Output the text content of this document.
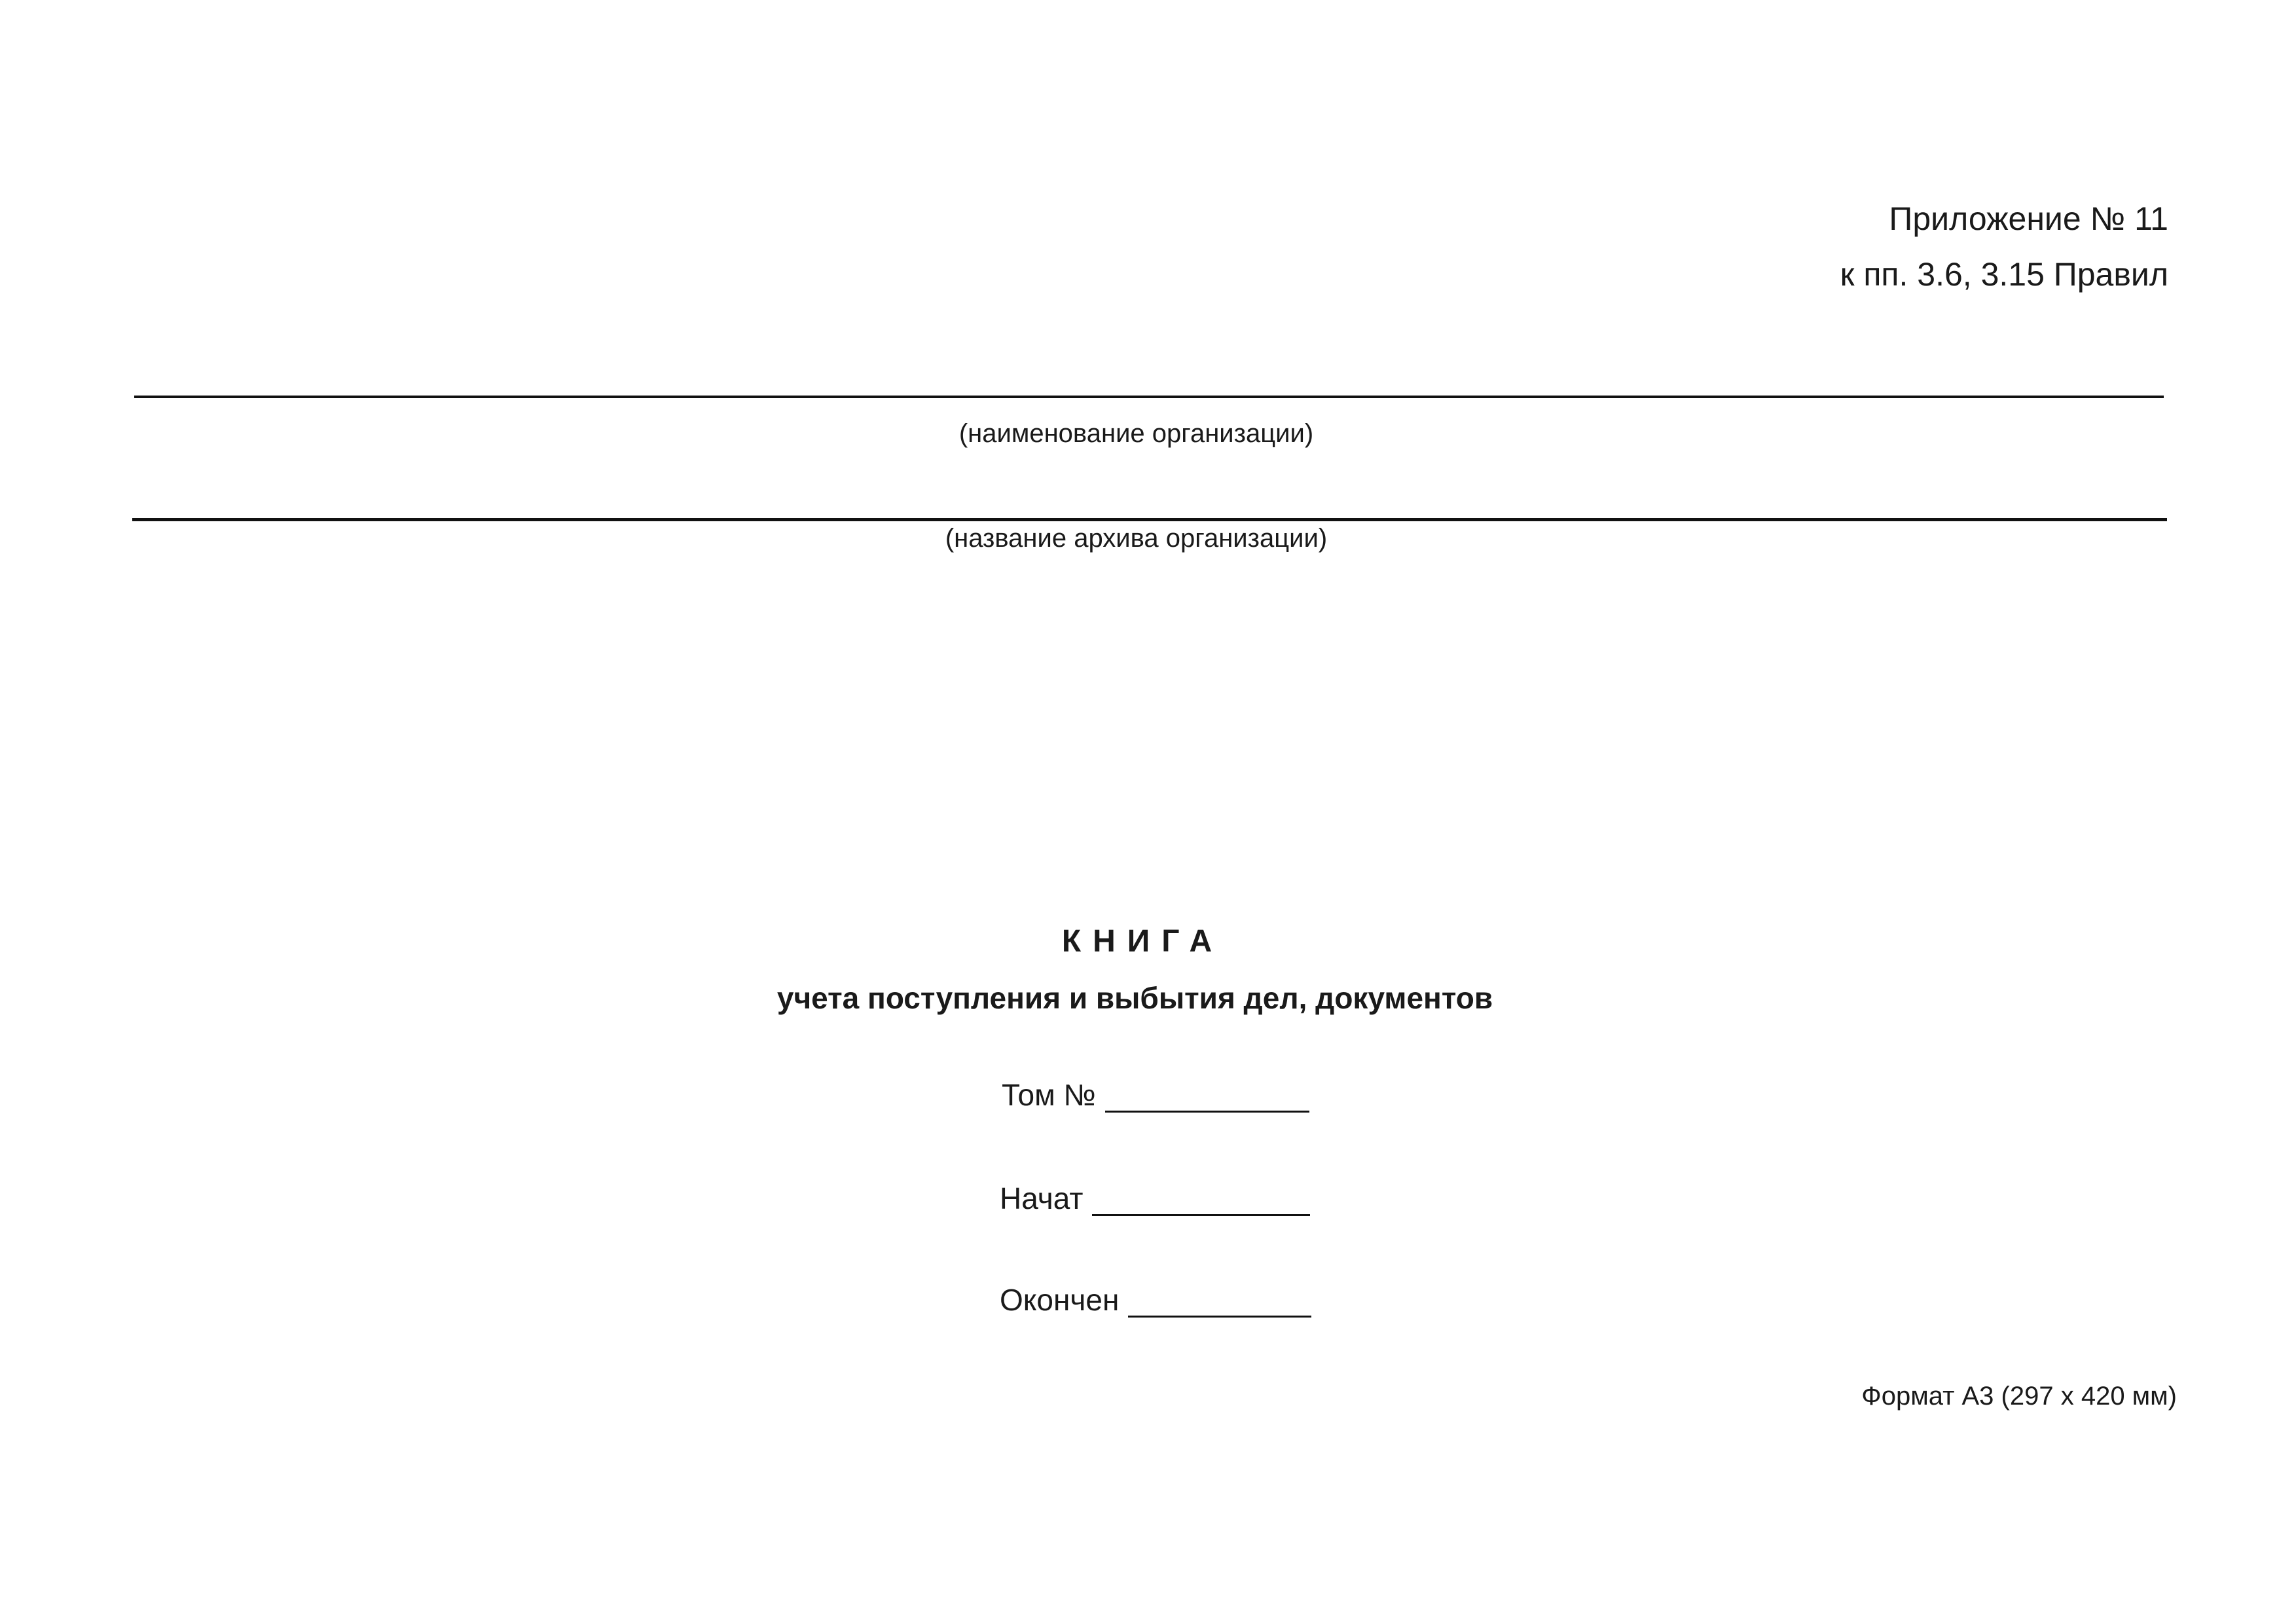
Приложение № 11
к пп. 3.6, 3.15 Правил
(наименование организации)
(название архива организации)
КНИГА
учета поступления и выбытия дел, документов
Том №
Начат
Окончен
Формат А3 (297 х 420 мм)
